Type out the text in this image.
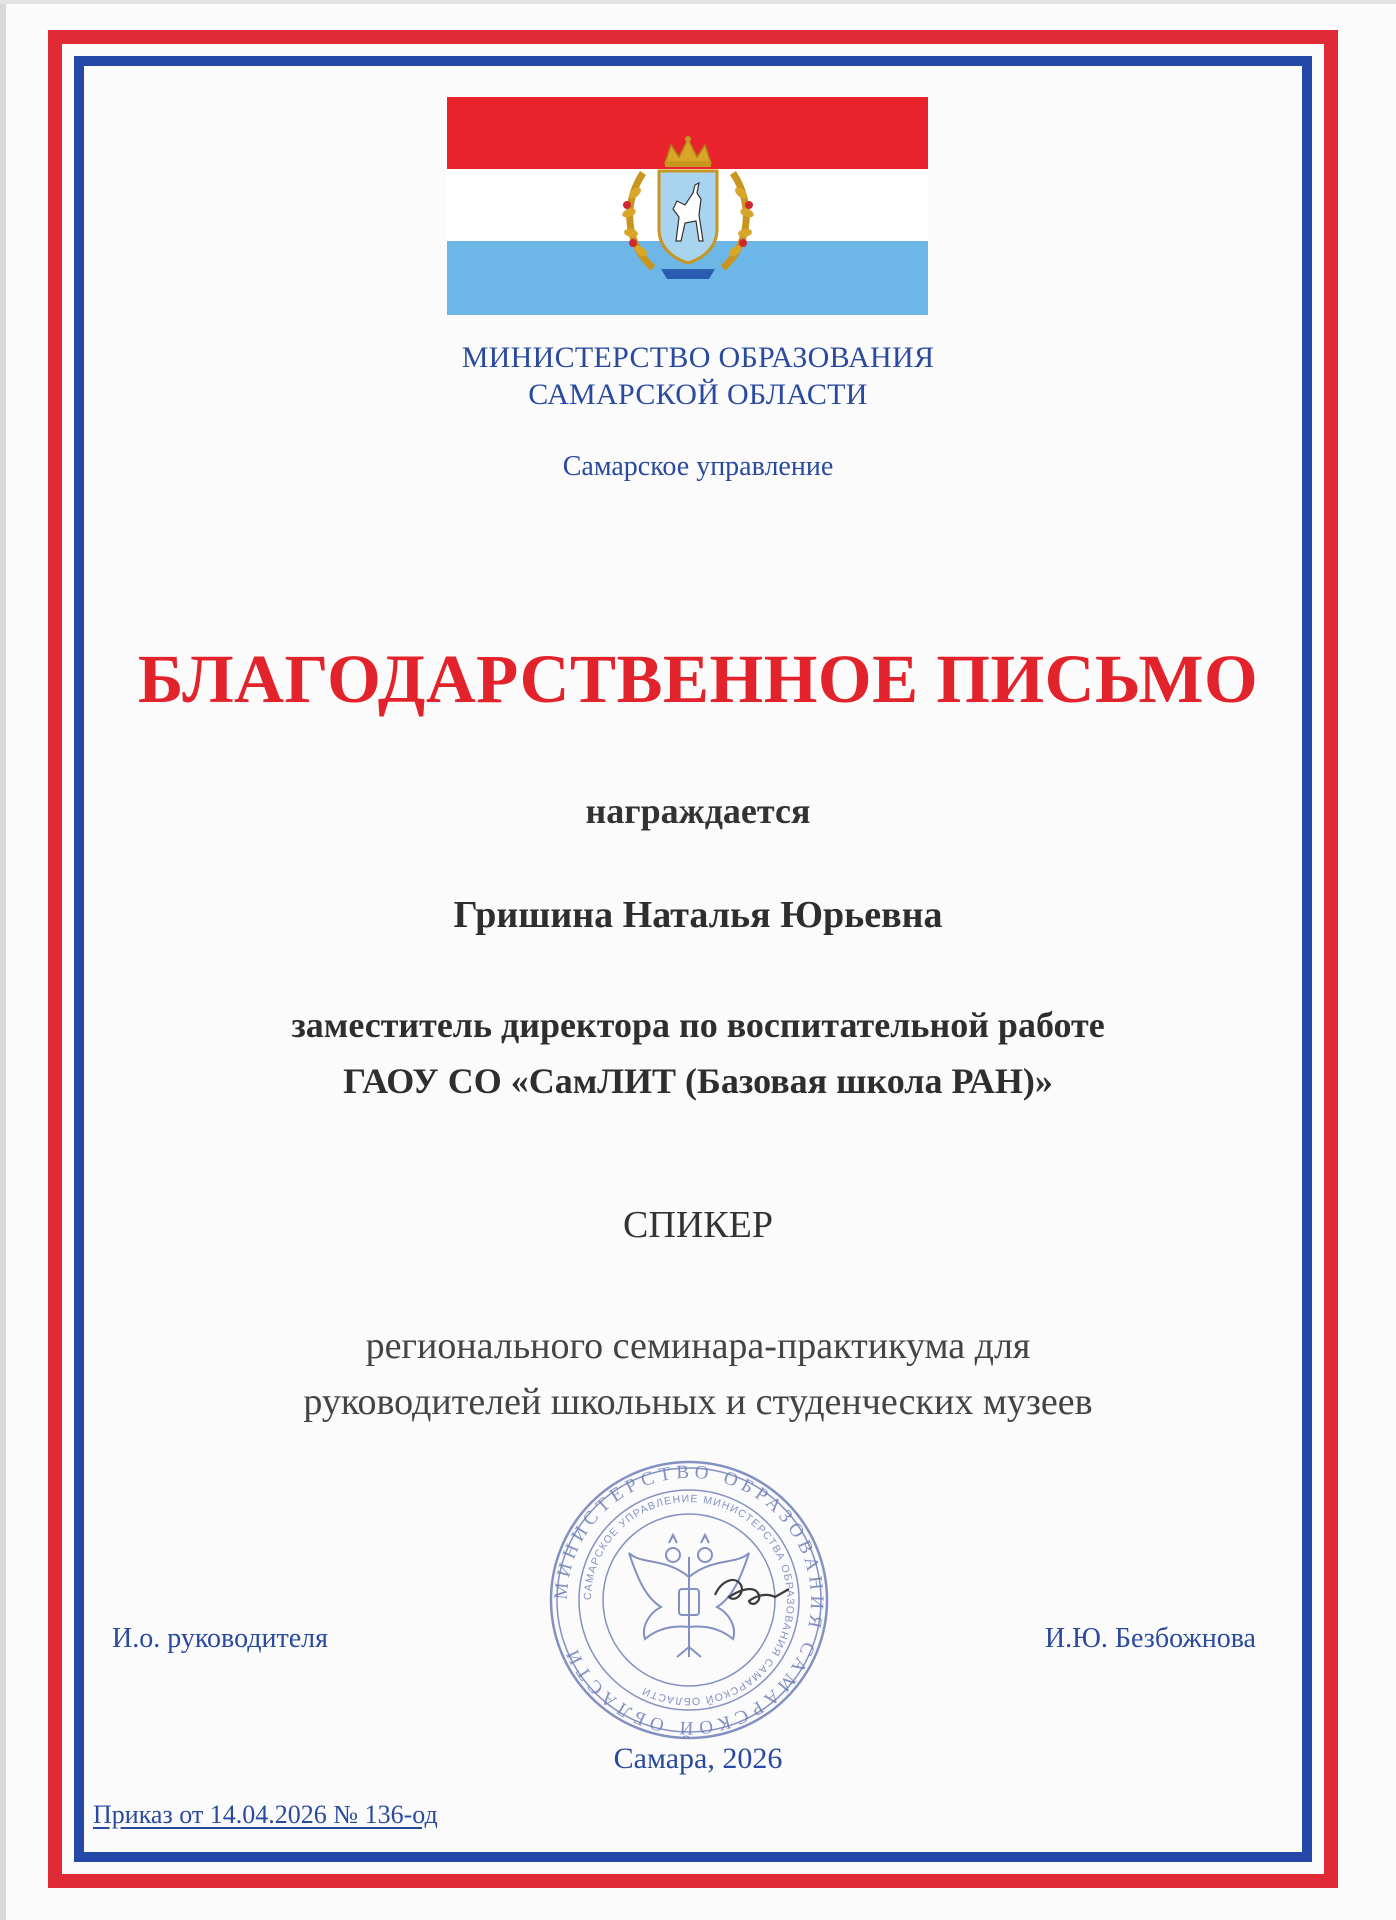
МИНИСТЕРСТВО ОБРАЗОВАНИЯ
САМАРСКОЙ ОБЛАСТИ
Самарское управление
БЛАГОДАРСТВЕННОЕ ПИСЬМО
награждается
Гришина Наталья Юрьевна
заместитель директора по воспитательной работе
ГАОУ СО «СамЛИТ (Базовая школа РАН)»
СПИКЕР
регионального семинара-практикума для
руководителей школьных и студенческих музеев
МИНИСТЕРСТВО ОБРАЗОВАНИЯ САМАРСКОЙ ОБЛАСТИ
САМАРСКОЕ УПРАВЛЕНИЕ МИНИСТЕРСТВА ОБРАЗОВАНИЯ САМАРСКОЙ ОБЛАСТИ
И.о. руководителя	И.Ю. Безбожнова
Самара, 2026
Приказ от 14.04.2026 № 136-од
